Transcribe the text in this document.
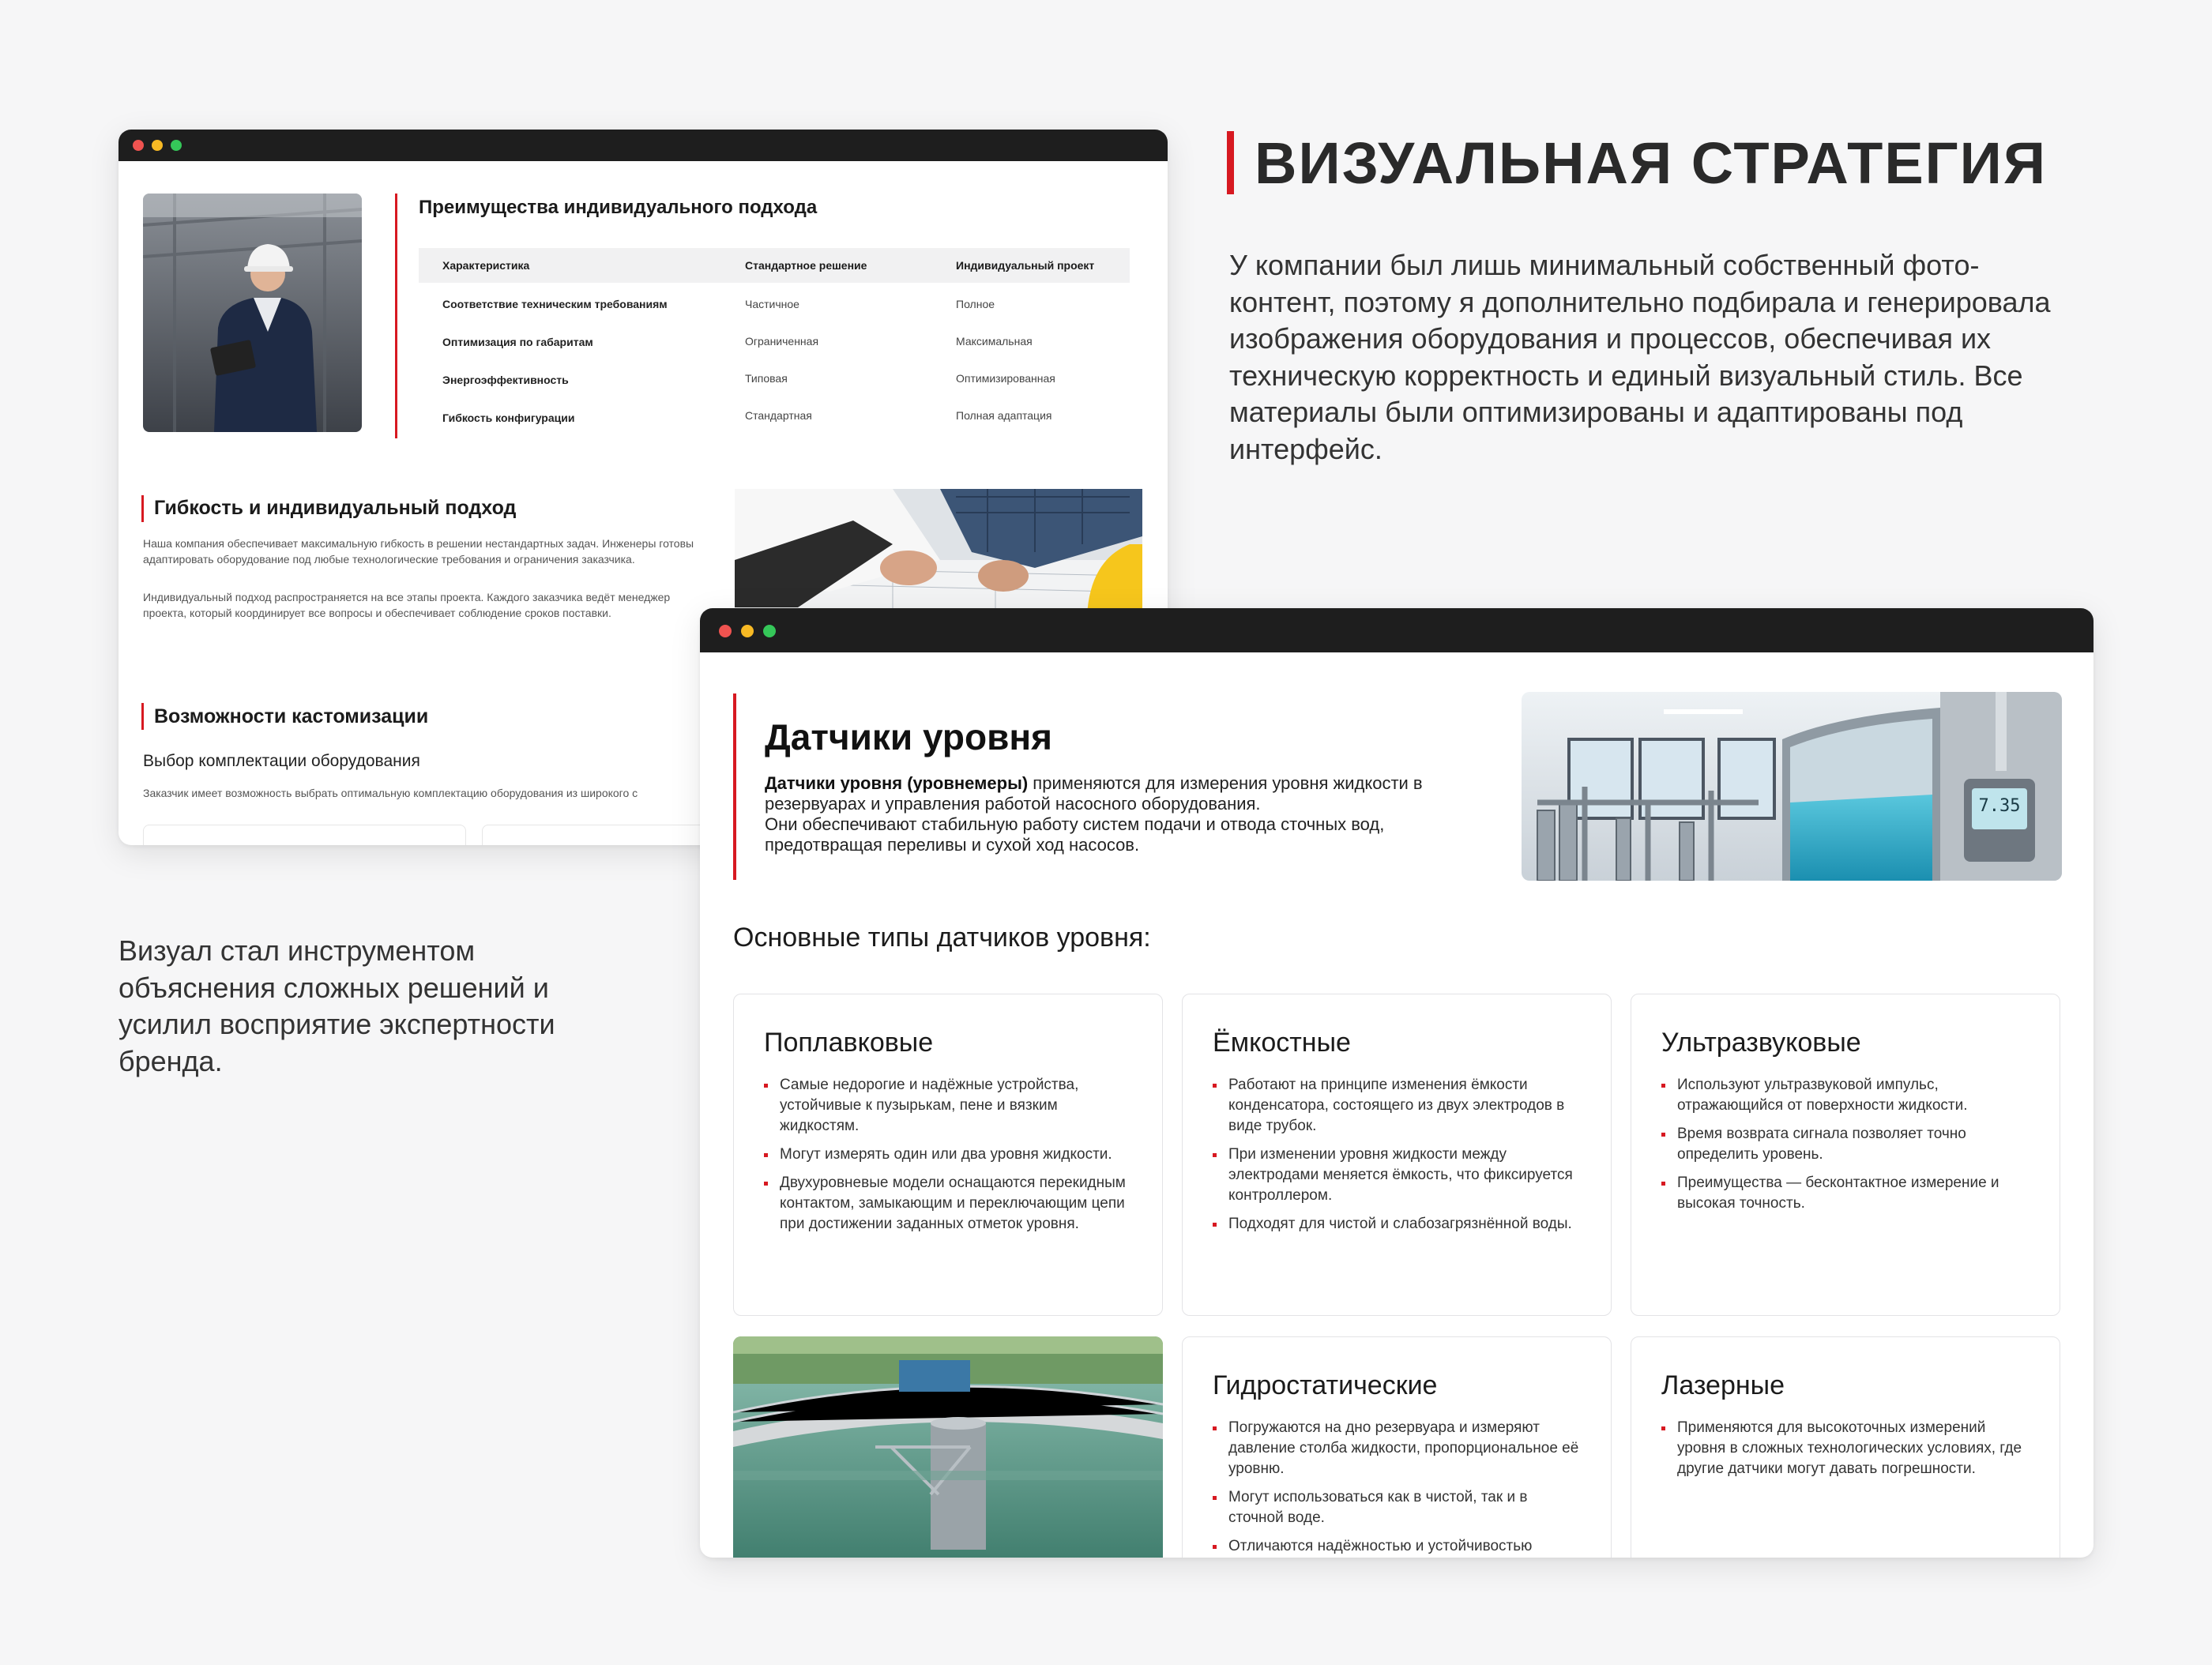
Преимущества индивидуального подхода
Характеристика	Стандартное решение	Индивидуальный проект
Соответствие техническим требованиям	Частичное	Полное
Оптимизация по габаритам	Ограниченная	Максимальная
Энергоэффективность	Типовая	Оптимизированная
Гибкость конфигурации	Стандартная	Полная адаптация
Гибкость и индивидуальный подход
Наша компания обеспечивает максимальную гибкость в решении нестандартных задач. Инженеры готовы адаптировать оборудование под любые технологические требования и ограничения заказчика.
Индивидуальный подход распространяется на все этапы проекта. Каждого заказчика ведёт менеджер проекта, который координирует все вопросы и обеспечивает соблюдение сроков поставки.
Возможности кастомизации
Выбор комплектации оборудования
Заказчик имеет возможность выбрать оптимальную комплектацию оборудования из широкого с
ВИЗУАЛЬНАЯ СТРАТЕГИЯ
У компании был лишь минимальный собственный фото-контент, поэтому я дополнительно подбирала и генерировала изображения оборудования и процессов, обеспечивая их техническую корректность и единый визуальный стиль. Все материалы были оптимизированы и адаптированы под интерфейс.
Визуал стал инструментом объяснения сложных решений и усилил восприятие экспертности бренда.
Датчики уровня
Датчики уровня (уровнемеры) применяются для измерения уровня жидкости в резервуарах и управления работой насосного оборудования.
Они обеспечивают стабильную работу систем подачи и отвода сточных вод, предотвращая переливы и сухой ход насосов.
7.35
Основные типы датчиков уровня:
Поплавковые
Самые недорогие и надёжные устройства, устойчивые к пузырькам, пене и вязким жидкостям.
Могут измерять один или два уровня жидкости.
Двухуровневые модели оснащаются перекидным контактом, замыкающим и переключающим цепи при достижении заданных отметок уровня.
Ёмкостные
Работают на принципе изменения ёмкости конденсатора, состоящего из двух электродов в виде трубок.
При изменении уровня жидкости между электродами меняется ёмкость, что фиксируется контроллером.
Подходят для чистой и слабозагрязнённой воды.
Ультразвуковые
Используют ультразвуковой импульс, отражающийся от поверхности жидкости.
Время возврата сигнала позволяет точно определить уровень.
Преимущества — бесконтактное измерение и высокая точность.
Гидростатические
Погружаются на дно резервуара и измеряют давление столба жидкости, пропорциональное её уровню.
Могут использоваться как в чистой, так и в сточной воде.
Отличаются надёжностью и устойчивостью
Лазерные
Применяются для высокоточных измерений уровня в сложных технологических условиях, где другие датчики могут давать погрешности.
